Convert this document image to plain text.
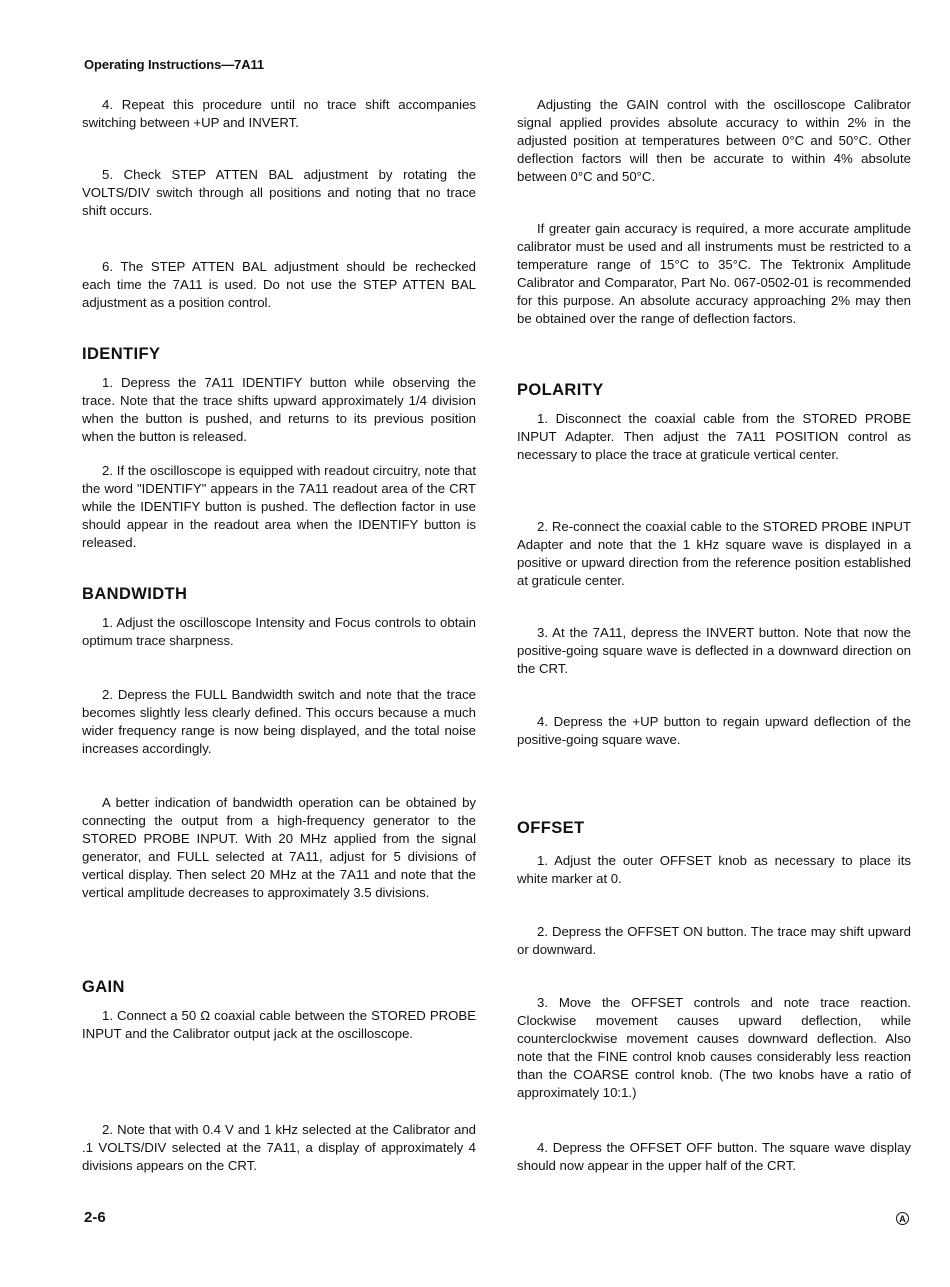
Operating Instructions—7A11

4. Repeat this procedure until no trace shift accompanies switching between +UP and INVERT.

5. Check STEP ATTEN BAL adjustment by rotating the VOLTS/DIV switch through all positions and noting that no trace shift occurs.

6. The STEP ATTEN BAL adjustment should be rechecked each time the 7A11 is used. Do not use the STEP ATTEN BAL adjustment as a position control.

IDENTIFY

1. Depress the 7A11 IDENTIFY button while observing the trace. Note that the trace shifts upward approximately 1/4 division when the button is pushed, and returns to its previous position when the button is released.

2. If the oscilloscope is equipped with readout circuitry, note that the word "IDENTIFY" appears in the 7A11 readout area of the CRT while the IDENTIFY button is pushed. The deflection factor in use should appear in the readout area when the IDENTIFY button is released.

BANDWIDTH

1. Adjust the oscilloscope Intensity and Focus controls to obtain optimum trace sharpness.

2. Depress the FULL Bandwidth switch and note that the trace becomes slightly less clearly defined. This occurs because a much wider frequency range is now being displayed, and the total noise increases accordingly.

A better indication of bandwidth operation can be obtained by connecting the output from a high-frequency generator to the STORED PROBE INPUT. With 20 MHz applied from the signal generator, and FULL selected at 7A11, adjust for 5 divisions of vertical display. Then select 20 MHz at the 7A11 and note that the vertical amplitude decreases to approximately 3.5 divisions.

GAIN

1. Connect a 50 Ω coaxial cable between the STORED PROBE INPUT and the Calibrator output jack at the oscilloscope.

2. Note that with 0.4 V and 1 kHz selected at the Calibrator and .1 VOLTS/DIV selected at the 7A11, a display of approximately 4 divisions appears on the CRT.

Adjusting the GAIN control with the oscilloscope Calibrator signal applied provides absolute accuracy to within 2% in the adjusted position at temperatures between 0°C and 50°C. Other deflection factors will then be accurate to within 4% absolute between 0°C and 50°C.

If greater gain accuracy is required, a more accurate amplitude calibrator must be used and all instruments must be restricted to a temperature range of 15°C to 35°C. The Tektronix Amplitude Calibrator and Comparator, Part No. 067-0502-01 is recommended for this purpose. An absolute accuracy approaching 2% may then be obtained over the range of deflection factors.

POLARITY

1. Disconnect the coaxial cable from the STORED PROBE INPUT Adapter. Then adjust the 7A11 POSITION control as necessary to place the trace at graticule vertical center.

2. Re-connect the coaxial cable to the STORED PROBE INPUT Adapter and note that the 1 kHz square wave is displayed in a positive or upward direction from the reference position established at graticule center.

3. At the 7A11, depress the INVERT button. Note that now the positive-going square wave is deflected in a downward direction on the CRT.

4. Depress the +UP button to regain upward deflection of the positive-going square wave.

OFFSET

1. Adjust the outer OFFSET knob as necessary to place its white marker at 0.

2. Depress the OFFSET ON button. The trace may shift upward or downward.

3. Move the OFFSET controls and note trace reaction. Clockwise movement causes upward deflection, while counterclockwise movement causes downward deflection. Also note that the FINE control knob causes considerably less reaction than the COARSE control knob. (The two knobs have a ratio of approximately 10:1.)

4. Depress the OFFSET OFF button. The square wave display should now appear in the upper half of the CRT.

2-6	A
